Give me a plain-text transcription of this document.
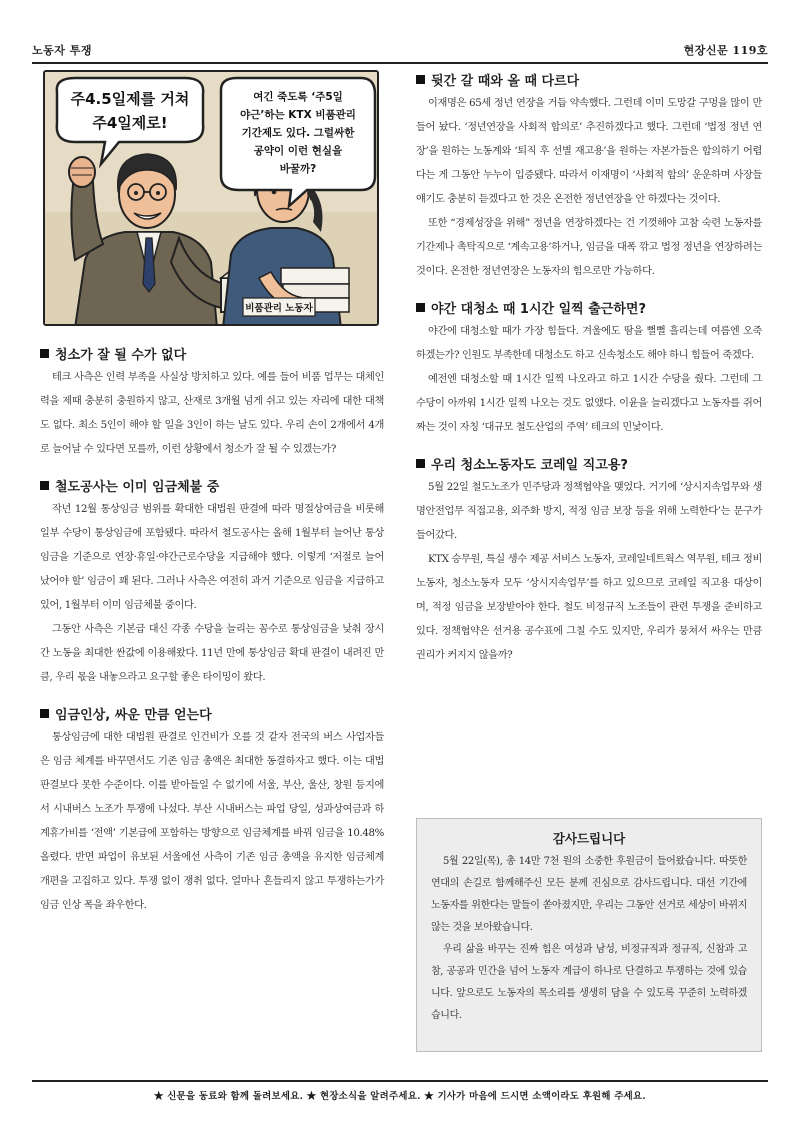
노동자 투쟁	현장신문 119호
주4.5일제를 거쳐
주4일제로!
여긴 죽도록 ‘주5일
야근’하는 KTX 비품관리
기간제도 있다. 그럴싸한
공약이 이런 현실을
바꿀까?
비품관리 노동자
청소가 잘 될 수가 없다

테크 사측은 인력 부족을 사실상 방치하고 있다. 예를 들어 비품 업무는 대체인력을 제때 충분히 충원하지 않고, 산재로 3개월 넘게 쉬고 있는 자리에 대한 대책도 없다. 최소 5인이 해야 할 일을 3인이 하는 날도 있다. 우리 손이 2개에서 4개로 늘어날 수 있다면 모를까, 이런 상황에서 청소가 잘 될 수 있겠는가?

철도공사는 이미 임금체불 중

작년 12월 통상임금 범위를 확대한 대법원 판결에 따라 명절상여금을 비롯해 일부 수당이 통상임금에 포함됐다. 따라서 철도공사는 올해 1월부터 늘어난 통상임금을 기준으로 연장·휴일·야간근로수당을 지급해야 했다. 이렇게 ‘저절로 늘어났어야 할’ 임금이 꽤 된다. 그러나 사측은 여전히 과거 기준으로 임금을 지급하고 있어, 1월부터 이미 임금체불 중이다.

그동안 사측은 기본급 대신 각종 수당을 늘리는 꼼수로 통상임금을 낮춰 장시간 노동을 최대한 싼값에 이용해왔다. 11년 만에 통상임금 확대 판결이 내려진 만큼, 우리 몫을 내놓으라고 요구할 좋은 타이밍이 왔다.

임금인상, 싸운 만큼 얻는다

통상임금에 대한 대법원 판결로 인건비가 오를 것 같자 전국의 버스 사업자들은 임금 체계를 바꾸면서도 기존 임금 총액은 최대한 동결하자고 했다. 이는 대법 판결보다 못한 수준이다. 이를 받아들일 수 없기에 서울, 부산, 울산, 창원 등지에서 시내버스 노조가 투쟁에 나섰다. 부산 시내버스는 파업 당일, 성과상여금과 하계휴가비를 ‘전액’ 기본급에 포함하는 방향으로 임금체계를 바꿔 임금을 10.48% 올렸다. 반면 파업이 유보된 서울에선 사측이 기존 임금 총액을 유지한 임금체계 개편을 고집하고 있다. 투쟁 없이 쟁취 없다. 얼마나 흔들리지 않고 투쟁하는가가 임금 인상 폭을 좌우한다.

뒷간 갈 때와 올 때 다르다

이재명은 65세 정년 연장을 거듭 약속했다. 그런데 이미 도망갈 구멍을 많이 만들어 놨다. ‘정년연장을 사회적 합의로’ 추진하겠다고 했다. 그런데 ‘법정 정년 연장’을 원하는 노동계와 ‘퇴직 후 선별 재고용’을 원하는 자본가들은 합의하기 어렵다는 게 그동안 누누이 입증됐다. 따라서 이재명이 ‘사회적 합의’ 운운하며 사장들 얘기도 충분히 듣겠다고 한 것은 온전한 정년연장을 안 하겠다는 것이다.

또한 “경제성장을 위해” 정년을 연장하겠다는 건 기껏해야 고참 숙련 노동자를 기간제나 촉탁직으로 ‘계속고용’하거나, 임금을 대폭 깎고 법정 정년을 연장하려는 것이다. 온전한 정년연장은 노동자의 힘으로만 가능하다.

야간 대청소 때 1시간 일찍 출근하면?

야간에 대청소할 때가 가장 힘들다. 겨울에도 땀을 뻘뻘 흘리는데 여름엔 오죽하겠는가? 인원도 부족한데 대청소도 하고 신속청소도 해야 하니 힘들어 죽겠다.

예전엔 대청소할 때 1시간 일찍 나오라고 하고 1시간 수당을 줬다. 그런데 그 수당이 아까워 1시간 일찍 나오는 것도 없앴다. 이윤을 늘리겠다고 노동자를 쥐어짜는 것이 자칭 ‘대규모 철도산업의 주역’ 테크의 민낯이다.

우리 청소노동자도 코레일 직고용?

5월 22일 철도노조가 민주당과 정책협약을 맺었다. 거기에 ‘상시지속업무와 생명안전업무 직접고용, 외주화 방지, 적정 임금 보장 등을 위해 노력한다’는 문구가 들어갔다.

KTX 승무원, 특실 생수 제공 서비스 노동자, 코레일네트웍스 역무원, 테크 정비 노동자, 청소노동자 모두 ‘상시지속업무’를 하고 있으므로 코레일 직고용 대상이며, 적정 임금을 보장받아야 한다. 철도 비정규직 노조들이 관련 투쟁을 준비하고 있다. 정책협약은 선거용 공수표에 그칠 수도 있지만, 우리가 뭉쳐서 싸우는 만큼 권리가 커지지 않을까?

감사드립니다

5월 22일(목), 총 14만 7천 원의 소중한 후원금이 들어왔습니다. 따뜻한 연대의 손길로 함께해주신 모든 분께 진심으로 감사드립니다. 대선 기간에 노동자를 위한다는 말들이 쏟아졌지만, 우리는 그동안 선거로 세상이 바뀌지 않는 것을 보아왔습니다.

우리 삶을 바꾸는 진짜 힘은 여성과 남성, 비정규직과 정규직, 신참과 고참, 공공과 민간을 넘어 노동자 계급이 하나로 단결하고 투쟁하는 것에 있습니다. 앞으로도 노동자의 목소리를 생생히 담을 수 있도록 꾸준히 노력하겠습니다.

★ 신문을 동료와 함께 돌려보세요. ★ 현장소식을 알려주세요. ★ 기사가 마음에 드시면 소액이라도 후원해 주세요.
